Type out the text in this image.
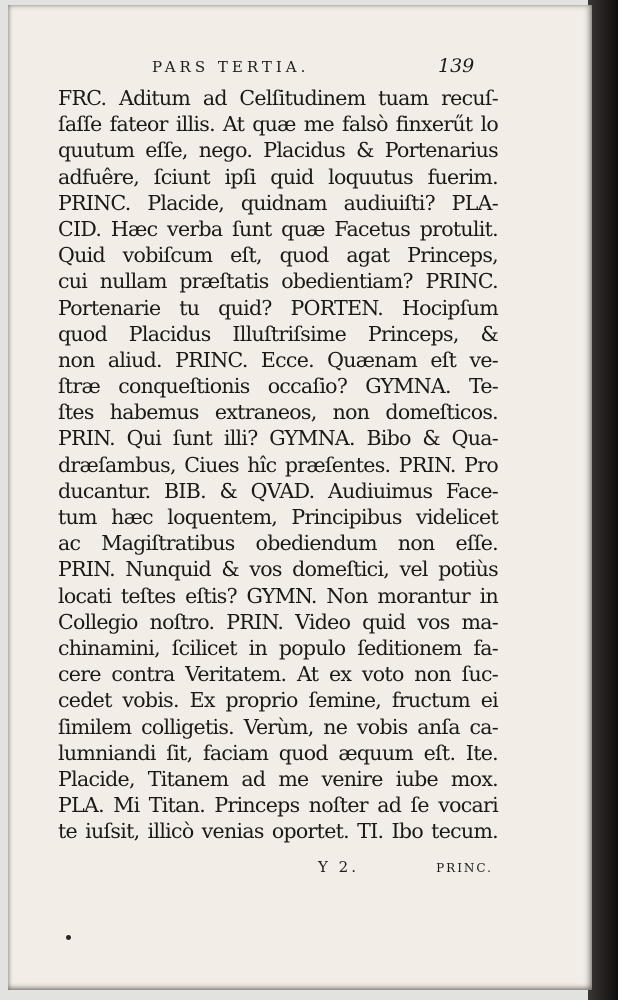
PARS TERTIA.	139
FRC. Aditum ad Celſitudinem tuam recuſ-
ſaſſe fateor illis. At quæ me falsò finxerűt lo
quutum eſſe, nego. Placidus & Portenarius
adfuêre, ſciunt ipſi quid loquutus fuerim.
PRINC. Placide, quidnam audiuiſti? PLA-
CID. Hæc verba ſunt quæ Facetus protulit.
Quid vobiſcum eſt, quod agat Princeps,
cui nullam præſtatis obedientiam? PRINC.
Portenarie tu quid? PORTEN. Hocipſum
quod Placidus Illuſtriſsime Princeps, &
non aliud. PRINC. Ecce. Quænam eſt ve-
ſtræ conqueſtionis occaſio? GYMNA. Te-
ſtes habemus extraneos, non domeſticos.
PRIN. Qui ſunt illi? GYMNA. Bibo & Qua-
dræſambus, Ciues hîc præſentes. PRIN. Pro
ducantur. BIB. & QVAD. Audiuimus Face-
tum hæc loquentem, Principibus videlicet
ac Magiſtratibus obediendum non eſſe.
PRIN. Nunquid & vos domeſtici, vel potiùs
locati teſtes eſtis? GYMN. Non morantur in
Collegio noſtro. PRIN. Video quid vos ma-
chinamini, ſcilicet in populo ſeditionem fa-
cere contra Veritatem. At ex voto non ſuc-
cedet vobis. Ex proprio ſemine, fructum ei
ſimilem colligetis. Verùm, ne vobis anſa ca-
lumniandi ſit, faciam quod æquum eſt. Ite.
Placide, Titanem ad me venire iube mox.
PLA. Mi Titan. Princeps noſter ad ſe vocari
te iuſsit, illicò venias oportet. TI. Ibo tecum.
Y 2.	PRINC.
